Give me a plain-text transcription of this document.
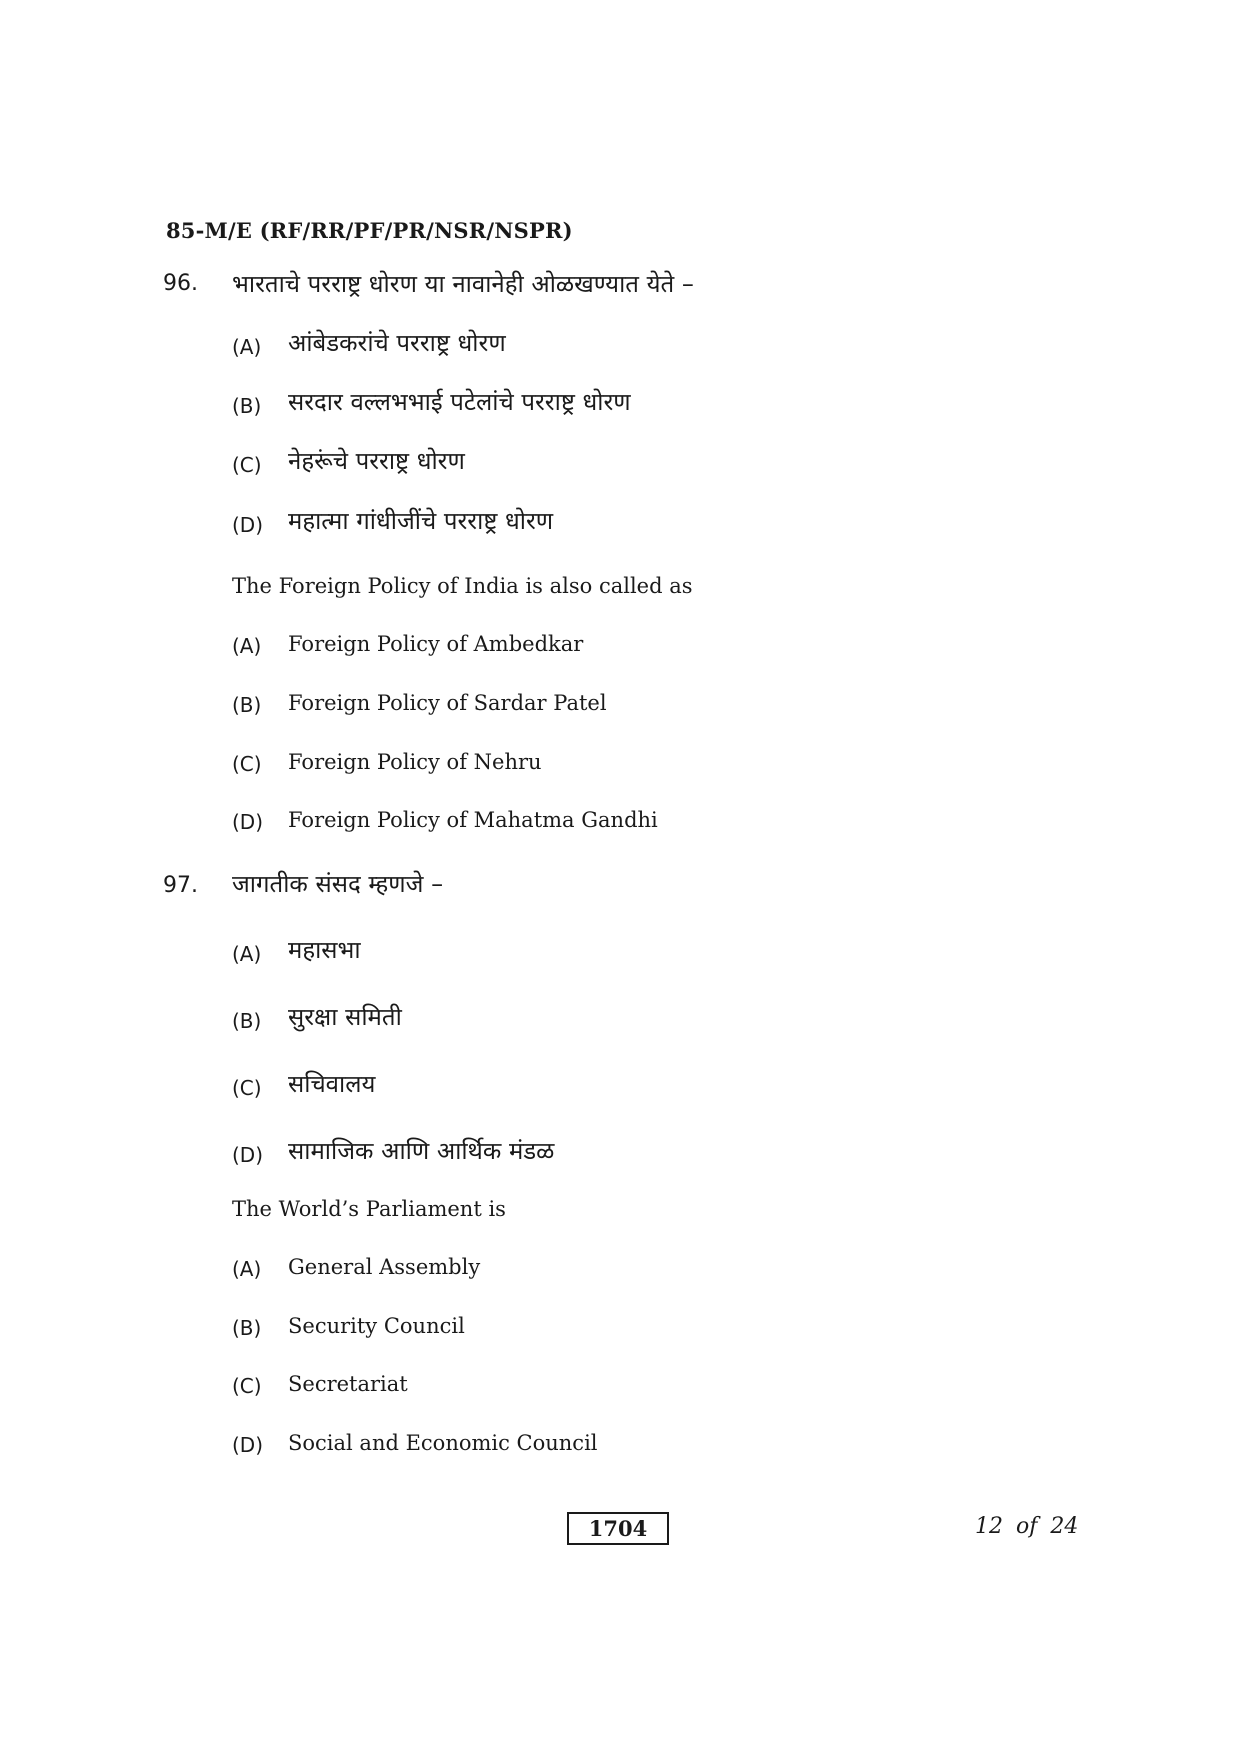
85-M/E (RF/RR/PF/PR/NSR/NSPR)
96. भारताचे परराष्ट्र धोरण या नावानेही ओळखण्यात येते –
(A) आंबेडकरांचे परराष्ट्र धोरण
(B) सरदार वल्लभभाई पटेलांचे परराष्ट्र धोरण
(C) नेहरूंचे परराष्ट्र धोरण
(D) महात्मा गांधीजींचे परराष्ट्र धोरण
The Foreign Policy of India is also called as
(A) Foreign Policy of Ambedkar
(B) Foreign Policy of Sardar Patel
(C) Foreign Policy of Nehru
(D) Foreign Policy of Mahatma Gandhi
97. जागतीक संसद म्हणजे –
(A) महासभा
(B) सुरक्षा समिती
(C) सचिवालय
(D) सामाजिक आणि आर्थिक मंडळ
The World’s Parliament is
(A) General Assembly
(B) Security Council
(C) Secretariat
(D) Social and Economic Council
1704	12 of 24
